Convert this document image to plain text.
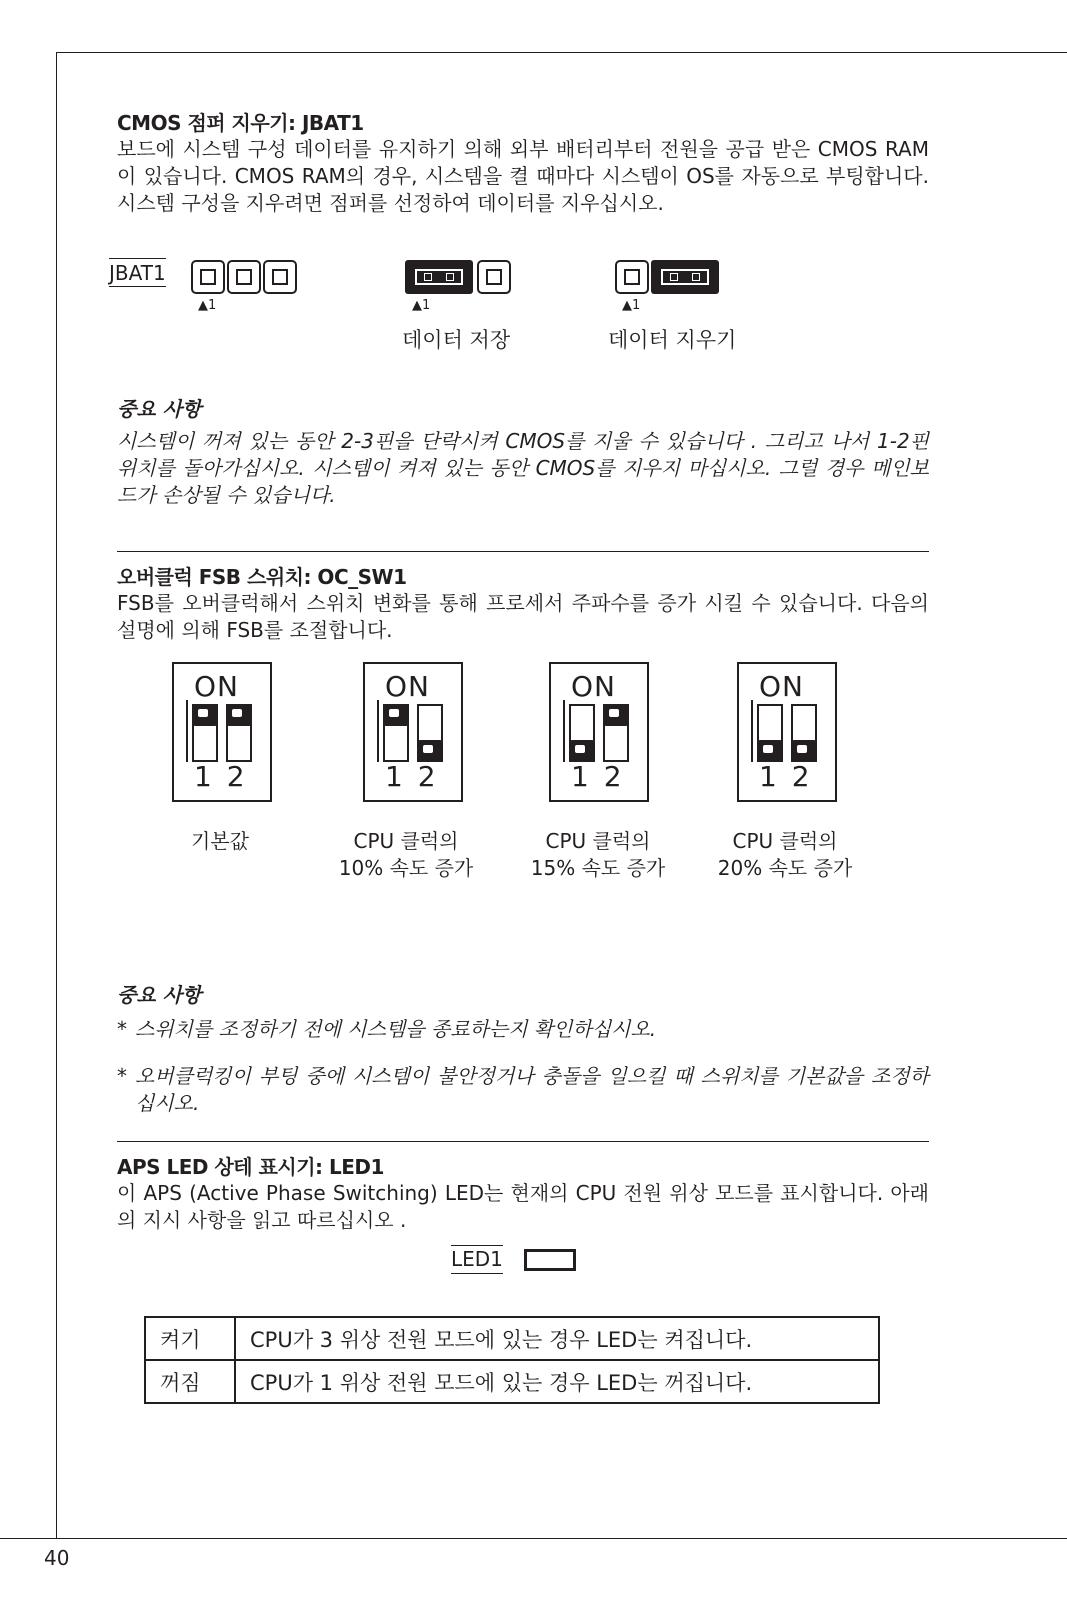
40
CMOS 점퍼 지우기: JBAT1

보드에 시스템 구성 데이터를 유지하기 의해 외부 배터리부터 전원을 공급 받은 CMOS RAM이 있습니다. CMOS RAM의 경우, 시스템을 켤 때마다 시스템이 OS를 자동으로 부팅합니다. 시스템 구성을 지우려면 점퍼를 선정하여 데이터를 지우십시오.

JBAT1
▲1	▲1
데이터 저장
▲1
데이터 지우기
중요 사항
시스템이 꺼져 있는 동안 2-3핀을 단락시켜 CMOS를 지울 수 있습니다 . 그리고 나서 1-2핀 위치를 돌아가십시오. 시스템이 켜져 있는 동안 CMOS를 지우지 마십시오. 그럴 경우 메인보드가 손상될 수 있습니다.
오버클럭 FSB 스위치: OC_SW1

FSB를 오버클럭해서 스위치 변화를 통해 프로세서 주파수를 증가 시킬 수 있습니다. 다음의 설명에 의해 FSB를 조절합니다.

ON
1 2
ON
1 2
ON
1 2
ON
1 2
기본값	CPU 클럭의
10% 속도 증가
CPU 클럭의
15% 속도 증가
CPU 클럭의
20% 속도 증가
중요 사항
* 스위치를 조정하기 전에 시스템을 종료하는지 확인하십시오.
* 오버클럭킹이 부팅 중에 시스템이 불안정거나 충돌을 일으킬 때 스위치를 기본값을 조정하십시오.
APS LED 상테 표시기: LED1

이 APS (Active Phase Switching) LED는 현재의 CPU 전원 위상 모드를 표시합니다. 아래의 지시 사항을 읽고 따르십시오 .

LED1
켜기	CPU가 3 위상 전원 모드에 있는 경우 LED는 켜집니다.
꺼짐	CPU가 1 위상 전원 모드에 있는 경우 LED는 꺼집니다.
